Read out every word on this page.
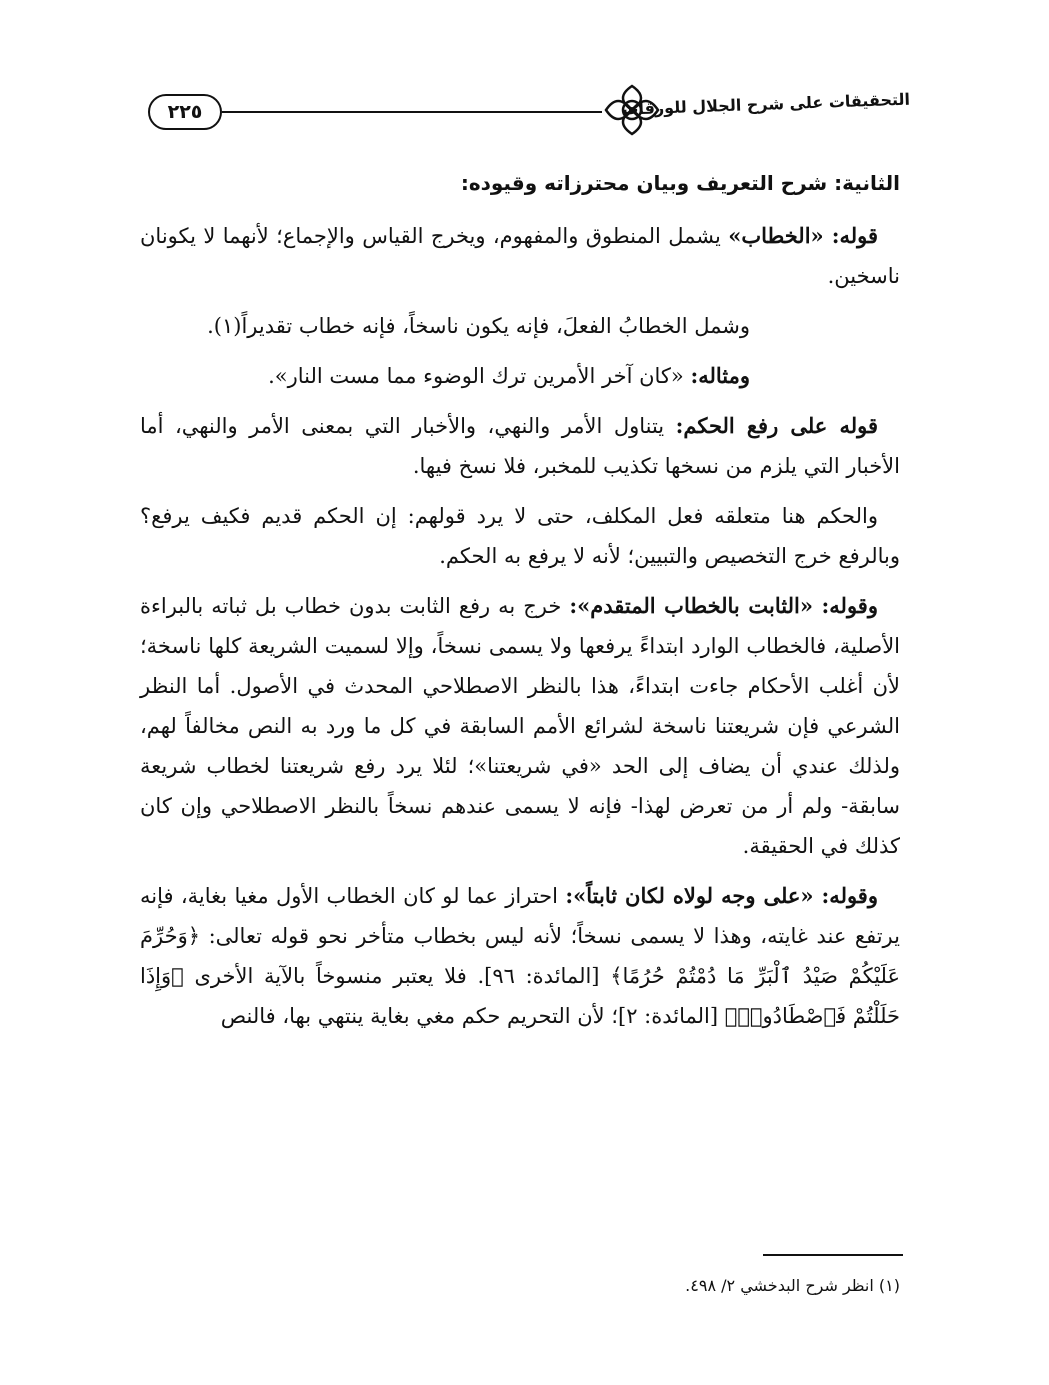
٢٢٥	التحقيقات على شرح الجلال للورقات
الثانية: شرح التعريف وبيان محترزاته وقيوده:

قوله: «الخطاب» يشمل المنطوق والمفهوم، ويخرج القياس والإجماع؛ لأنهما لا يكونان ناسخين.

وشمل الخطابُ الفعلَ، فإنه يكون ناسخاً، فإنه خطاب تقديراً(١).

ومثاله: «كان آخر الأمرين ترك الوضوء مما مست النار».

قوله على رفع الحكم: يتناول الأمر والنهي، والأخبار التي بمعنى الأمر والنهي، أما الأخبار التي يلزم من نسخها تكذيب للمخبر، فلا نسخ فيها.

والحكم هنا متعلقه فعل المكلف، حتى لا يرد قولهم: إن الحكم قديم فكيف يرفع؟ وبالرفع خرج التخصيص والتبيين؛ لأنه لا يرفع به الحكم.

وقوله: «الثابت بالخطاب المتقدم»: خرج به رفع الثابت بدون خطاب بل ثباته بالبراءة الأصلية، فالخطاب الوارد ابتداءً يرفعها ولا يسمى نسخاً، وإلا لسميت الشريعة كلها ناسخة؛ لأن أغلب الأحكام جاءت ابتداءً، هذا بالنظر الاصطلاحي المحدث في الأصول. أما النظر الشرعي فإن شريعتنا ناسخة لشرائع الأمم السابقة في كل ما ورد به النص مخالفاً لهم، ولذلك عندي أن يضاف إلى الحد «في شريعتنا»؛ لئلا يرد رفع شريعتنا لخطاب شريعة سابقة- ولم أر من تعرض لهذا- فإنه لا يسمى عندهم نسخاً بالنظر الاصطلاحي وإن كان كذلك في الحقيقة.

وقوله: «على وجه لولاه لكان ثابتاً»: احتراز عما لو كان الخطاب الأول مغيا بغاية، فإنه يرتفع عند غايته، وهذا لا يسمى نسخاً؛ لأنه ليس بخطاب متأخر نحو قوله تعالى: ﴿وَحُرِّمَ عَلَيْكُمْ صَيْدُ ٱلْبَرِّ مَا دُمْتُمْ حُرُمًا﴾ [المائدة: ٩٦]. فلا يعتبر منسوخاً بالآية الأخرى ﴿وَإِذَا حَلَلْتُمْ فَٱصْطَادُوا۟﴾ [المائدة: ٢]؛ لأن التحريم حكم مغي بغاية ينتهي بها، فالنص

(١) انظر شرح البدخشي ٢/ ٤٩٨.
